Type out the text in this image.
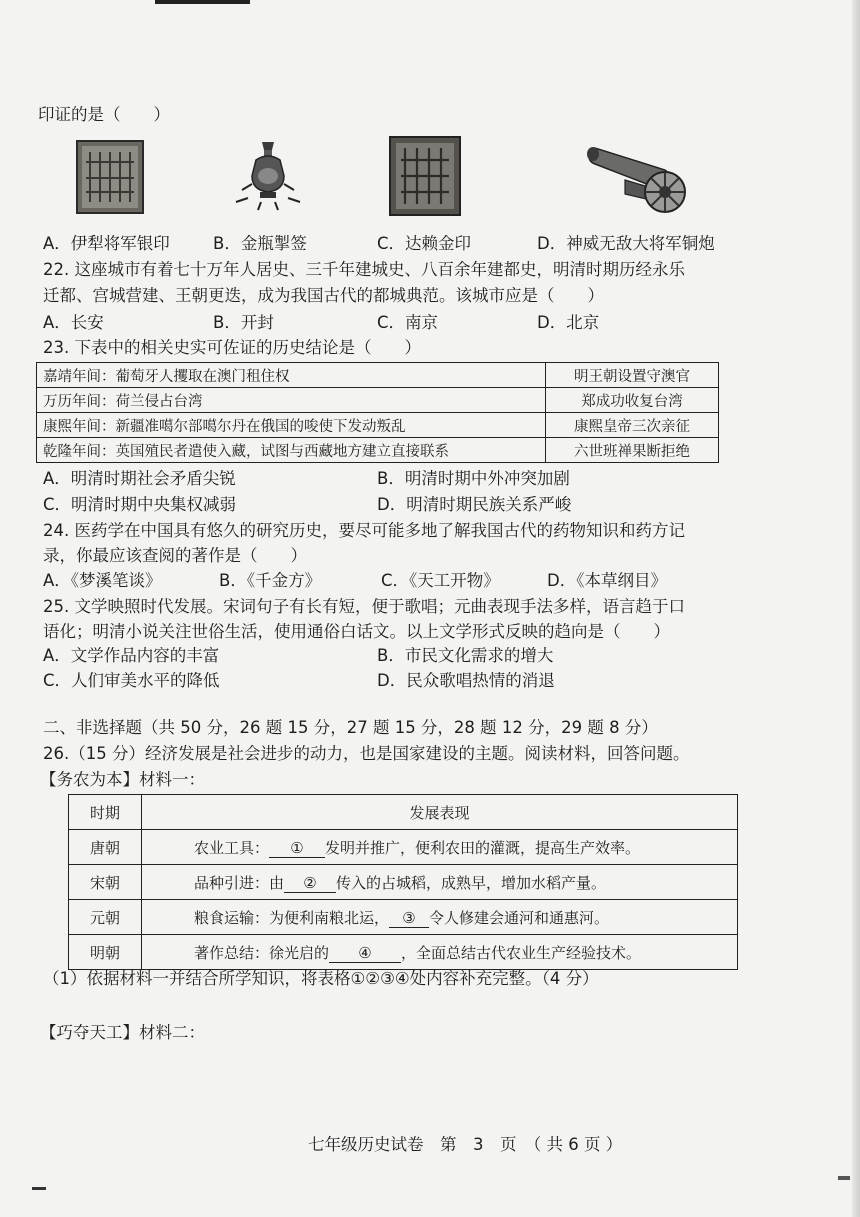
印证的是（　　）
A．伊犁将军银印	B．金瓶掣签	C．达赖金印	D．神威无敌大将军铜炮
22. 这座城市有着七十万年人居史、三千年建城史、八百余年建都史，明清时期历经永乐
迁都、宫城营建、王朝更迭，成为我国古代的都城典范。该城市应是（　　）
A．长安	B．开封	C．南京	D．北京
23. 下表中的相关史实可佐证的历史结论是（　　）
嘉靖年间：葡萄牙人攫取在澳门租住权	明王朝设置守澳官
万历年间：荷兰侵占台湾	郑成功收复台湾
康熙年间：新疆准噶尔部噶尔丹在俄国的唆使下发动叛乱	康熙皇帝三次亲征
乾隆年间：英国殖民者遣使入藏，试图与西藏地方建立直接联系	六世班禅果断拒绝
A．明清时期社会矛盾尖锐	B．明清时期中外冲突加剧
C．明清时期中央集权减弱	D．明清时期民族关系严峻
24. 医药学在中国具有悠久的研究历史，要尽可能多地了解我国古代的药物知识和药方记
录，你最应该查阅的著作是（　　）
A．《梦溪笔谈》	B．《千金方》	C．《天工开物》	D．《本草纲目》
25. 文学映照时代发展。宋词句子有长有短，便于歌唱；元曲表现手法多样，语言趋于口
语化；明清小说关注世俗生活，使用通俗白话文。以上文学形式反映的趋向是（　　）
A．文学作品内容的丰富	B．市民文化需求的增大
C．人们审美水平的降低	D．民众歌唱热情的消退
二、非选择题（共 50 分，26 题 15 分，27 题 15 分，28 题 12 分，29 题 8 分）
26.（15 分）经济发展是社会进步的动力，也是国家建设的主题。阅读材料，回答问题。
【务农为本】材料一：
时期	发展表现
唐朝	农业工具： ① 发明并推广，便利农田的灌溉，提高生产效率。
宋朝	品种引进：由 ② 传入的占城稻，成熟早，增加水稻产量。
元朝	粮食运输：为便利南粮北运， ③ 令人修建会通河和通惠河。
明朝	著作总结：徐光启的 ④ ，全面总结古代农业生产经验技术。
（1）依据材料一并结合所学知识，将表格①②③④处内容补充完整。（4 分）
【巧夺天工】材料二：
七年级历史试卷　第　3　页　（ 共 6 页 ）
